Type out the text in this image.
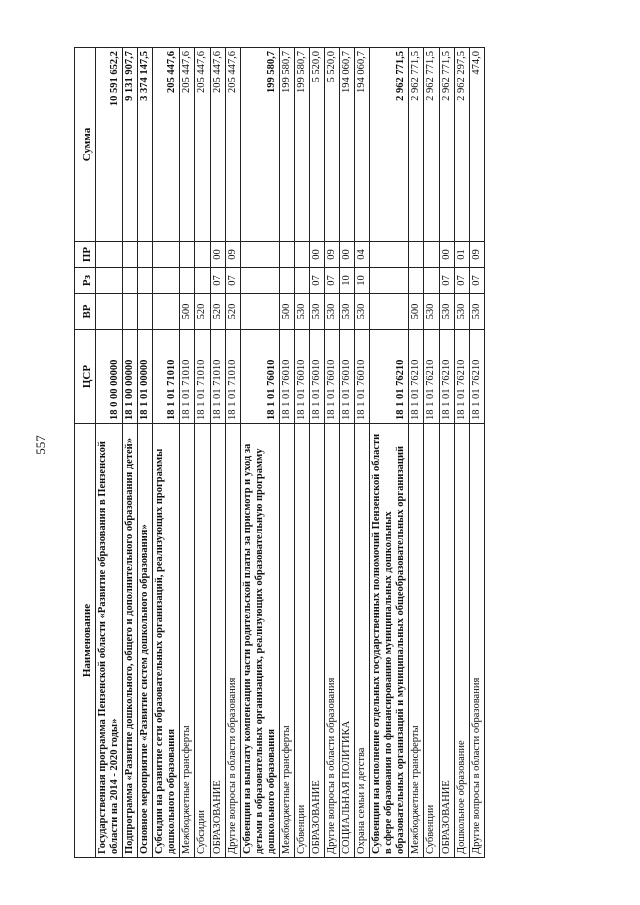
557
Наименование	ЦСР	ВР	Рз	ПР	Сумма
Государственная программа Пензенской области «Развитие образования в Пензенской области на 2014 - 2020 годы»	18 0 00 00000				10 591 652,2
Подпрограмма «Развитие дошкольного, общего и дополнительного образования детей»	18 1 00 00000				9 131 907,7
Основное мероприятие «Развитие систем дошкольного образования»	18 1 01 00000				3 374 147,5
Субсидии на развитие сети образовательных организаций, реализующих программы дошкольного образования	18 1 01 71010				205 447,6
Межбюджетные трансферты	18 1 01 71010	500			205 447,6
Субсидии	18 1 01 71010	520			205 447,6
ОБРАЗОВАНИЕ	18 1 01 71010	520	07	00	205 447,6
Другие вопросы в области образования	18 1 01 71010	520	07	09	205 447,6
Субвенции на выплату компенсации части родительской платы за присмотр и уход за детьми в образовательных организациях, реализующих образовательную программу дошкольного образования	18 1 01 76010				199 580,7
Межбюджетные трансферты	18 1 01 76010	500			199 580,7
Субвенции	18 1 01 76010	530			199 580,7
ОБРАЗОВАНИЕ	18 1 01 76010	530	07	00	5 520,0
Другие вопросы в области образования	18 1 01 76010	530	07	09	5 520,0
СОЦИАЛЬНАЯ ПОЛИТИКА	18 1 01 76010	530	10	00	194 060,7
Охрана семьи и детства	18 1 01 76010	530	10	04	194 060,7
Субвенции на исполнение отдельных государственных полномочий Пензенской области в сфере образования по финансированию муниципальных дошкольных образовательных организаций и муниципальных общеобразовательных организаций	18 1 01 76210				2 962 771,5
Межбюджетные трансферты	18 1 01 76210	500			2 962 771,5
Субвенции	18 1 01 76210	530			2 962 771,5
ОБРАЗОВАНИЕ	18 1 01 76210	530	07	00	2 962 771,5
Дошкольное образование	18 1 01 76210	530	07	01	2 962 297,5
Другие вопросы в области образования	18 1 01 76210	530	07	09	474,0
